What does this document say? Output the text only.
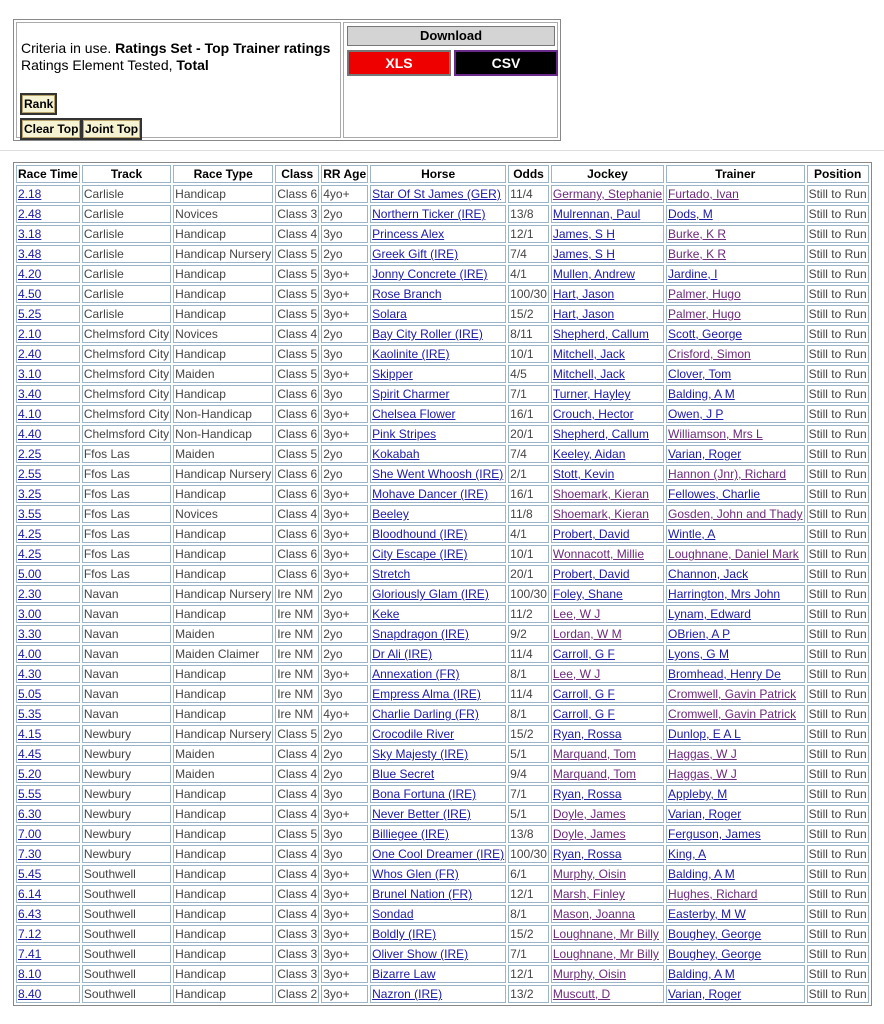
Criteria in use. Ratings Set - Top Trainer ratings
Ratings Element Tested, Total
Rank
Clear Top Joint Top
Download
XLS	CSV
Race Time	Track	Race Type	Class	RR Age	Horse	Odds	Jockey	Trainer	Position
2.18	Carlisle	Handicap	Class 6	4yo+	Star Of St James (GER)	11/4	Germany, Stephanie	Furtado, Ivan	Still to Run
2.48	Carlisle	Novices	Class 3	2yo	Northern Ticker (IRE)	13/8	Mulrennan, Paul	Dods, M	Still to Run
3.18	Carlisle	Handicap	Class 4	3yo	Princess Alex	12/1	James, S H	Burke, K R	Still to Run
3.48	Carlisle	Handicap Nursery	Class 5	2yo	Greek Gift (IRE)	7/4	James, S H	Burke, K R	Still to Run
4.20	Carlisle	Handicap	Class 5	3yo+	Jonny Concrete (IRE)	4/1	Mullen, Andrew	Jardine, I	Still to Run
4.50	Carlisle	Handicap	Class 5	3yo+	Rose Branch	100/30	Hart, Jason	Palmer, Hugo	Still to Run
5.25	Carlisle	Handicap	Class 5	3yo+	Solara	15/2	Hart, Jason	Palmer, Hugo	Still to Run
2.10	Chelmsford City	Novices	Class 4	2yo	Bay City Roller (IRE)	8/11	Shepherd, Callum	Scott, George	Still to Run
2.40	Chelmsford City	Handicap	Class 5	3yo	Kaolinite (IRE)	10/1	Mitchell, Jack	Crisford, Simon	Still to Run
3.10	Chelmsford City	Maiden	Class 5	3yo+	Skipper	4/5	Mitchell, Jack	Clover, Tom	Still to Run
3.40	Chelmsford City	Handicap	Class 6	3yo	Spirit Charmer	7/1	Turner, Hayley	Balding, A M	Still to Run
4.10	Chelmsford City	Non-Handicap	Class 6	3yo+	Chelsea Flower	16/1	Crouch, Hector	Owen, J P	Still to Run
4.40	Chelmsford City	Non-Handicap	Class 6	3yo+	Pink Stripes	20/1	Shepherd, Callum	Williamson, Mrs L	Still to Run
2.25	Ffos Las	Maiden	Class 5	2yo	Kokabah	7/4	Keeley, Aidan	Varian, Roger	Still to Run
2.55	Ffos Las	Handicap Nursery	Class 6	2yo	She Went Whoosh (IRE)	2/1	Stott, Kevin	Hannon (Jnr), Richard	Still to Run
3.25	Ffos Las	Handicap	Class 6	3yo+	Mohave Dancer (IRE)	16/1	Shoemark, Kieran	Fellowes, Charlie	Still to Run
3.55	Ffos Las	Novices	Class 4	3yo+	Beeley	11/8	Shoemark, Kieran	Gosden, John and Thady	Still to Run
4.25	Ffos Las	Handicap	Class 6	3yo+	Bloodhound (IRE)	4/1	Probert, David	Wintle, A	Still to Run
4.25	Ffos Las	Handicap	Class 6	3yo+	City Escape (IRE)	10/1	Wonnacott, Millie	Loughnane, Daniel Mark	Still to Run
5.00	Ffos Las	Handicap	Class 6	3yo+	Stretch	20/1	Probert, David	Channon, Jack	Still to Run
2.30	Navan	Handicap Nursery	Ire NM	2yo	Gloriously Glam (IRE)	100/30	Foley, Shane	Harrington, Mrs John	Still to Run
3.00	Navan	Handicap	Ire NM	3yo+	Keke	11/2	Lee, W J	Lynam, Edward	Still to Run
3.30	Navan	Maiden	Ire NM	2yo	Snapdragon (IRE)	9/2	Lordan, W M	OBrien, A P	Still to Run
4.00	Navan	Maiden Claimer	Ire NM	2yo	Dr Ali (IRE)	11/4	Carroll, G F	Lyons, G M	Still to Run
4.30	Navan	Handicap	Ire NM	3yo+	Annexation (FR)	8/1	Lee, W J	Bromhead, Henry De	Still to Run
5.05	Navan	Handicap	Ire NM	3yo	Empress Alma (IRE)	11/4	Carroll, G F	Cromwell, Gavin Patrick	Still to Run
5.35	Navan	Handicap	Ire NM	4yo+	Charlie Darling (FR)	8/1	Carroll, G F	Cromwell, Gavin Patrick	Still to Run
4.15	Newbury	Handicap Nursery	Class 5	2yo	Crocodile River	15/2	Ryan, Rossa	Dunlop, E A L	Still to Run
4.45	Newbury	Maiden	Class 4	2yo	Sky Majesty (IRE)	5/1	Marquand, Tom	Haggas, W J	Still to Run
5.20	Newbury	Maiden	Class 4	2yo	Blue Secret	9/4	Marquand, Tom	Haggas, W J	Still to Run
5.55	Newbury	Handicap	Class 4	3yo	Bona Fortuna (IRE)	7/1	Ryan, Rossa	Appleby, M	Still to Run
6.30	Newbury	Handicap	Class 4	3yo+	Never Better (IRE)	5/1	Doyle, James	Varian, Roger	Still to Run
7.00	Newbury	Handicap	Class 5	3yo	Billiegee (IRE)	13/8	Doyle, James	Ferguson, James	Still to Run
7.30	Newbury	Handicap	Class 4	3yo	One Cool Dreamer (IRE)	100/30	Ryan, Rossa	King, A	Still to Run
5.45	Southwell	Handicap	Class 4	3yo+	Whos Glen (FR)	6/1	Murphy, Oisin	Balding, A M	Still to Run
6.14	Southwell	Handicap	Class 4	3yo+	Brunel Nation (FR)	12/1	Marsh, Finley	Hughes, Richard	Still to Run
6.43	Southwell	Handicap	Class 4	3yo+	Sondad	8/1	Mason, Joanna	Easterby, M W	Still to Run
7.12	Southwell	Handicap	Class 3	3yo+	Boldly (IRE)	15/2	Loughnane, Mr Billy	Boughey, George	Still to Run
7.41	Southwell	Handicap	Class 3	3yo+	Oliver Show (IRE)	7/1	Loughnane, Mr Billy	Boughey, George	Still to Run
8.10	Southwell	Handicap	Class 3	3yo+	Bizarre Law	12/1	Murphy, Oisin	Balding, A M	Still to Run
8.40	Southwell	Handicap	Class 2	3yo+	Nazron (IRE)	13/2	Muscutt, D	Varian, Roger	Still to Run
